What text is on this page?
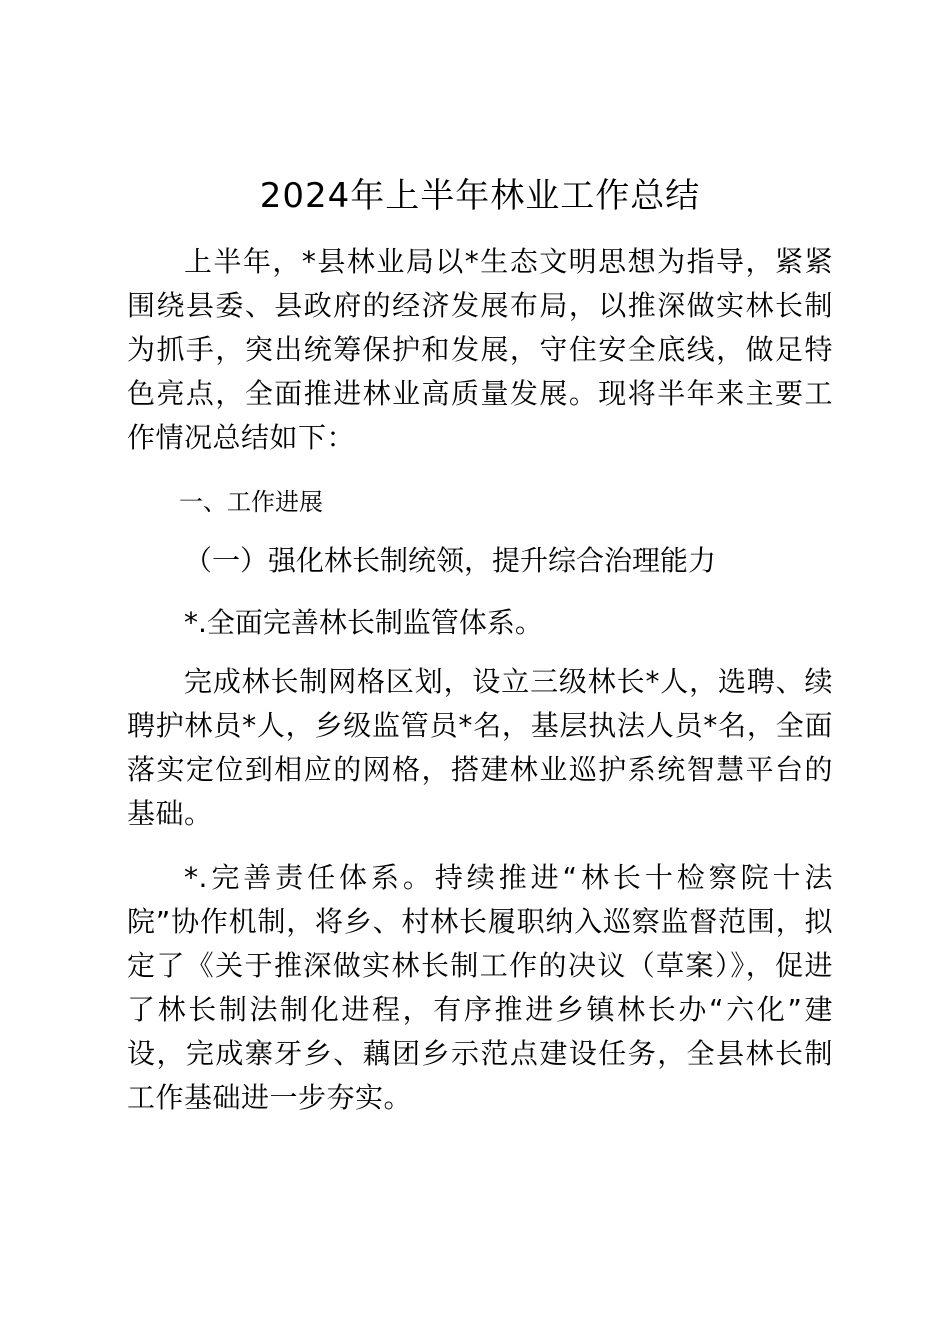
2024年上半年林业工作总结

上半年，*县林业局以*生态文明思想为指导，紧紧围绕县委、县政府的经济发展布局，以推深做实林长制为抓手，突出统筹保护和发展，守住安全底线，做足特色亮点，全面推进林业高质量发展。现将半年来主要工作情况总结如下：

一、工作进展
（一）强化林长制统领，提升综合治理能力
*.全面完善林长制监管体系。

完成林长制网格区划，设立三级林长*人，选聘、续聘护林员*人，乡级监管员*名，基层执法人员*名，全面落实定位到相应的网格，搭建林业巡护系统智慧平台的基础。

*.完善责任体系。持续推进“林长十检察院十法院”协作机制，将乡、村林长履职纳入巡察监督范围，拟定了《关于推深做实林长制工作的决议（草案）》，促进了林长制法制化进程，有序推进乡镇林长办“六化”建设，完成寨牙乡、藕团乡示范点建设任务，全县林长制工作基础进一步夯实。
